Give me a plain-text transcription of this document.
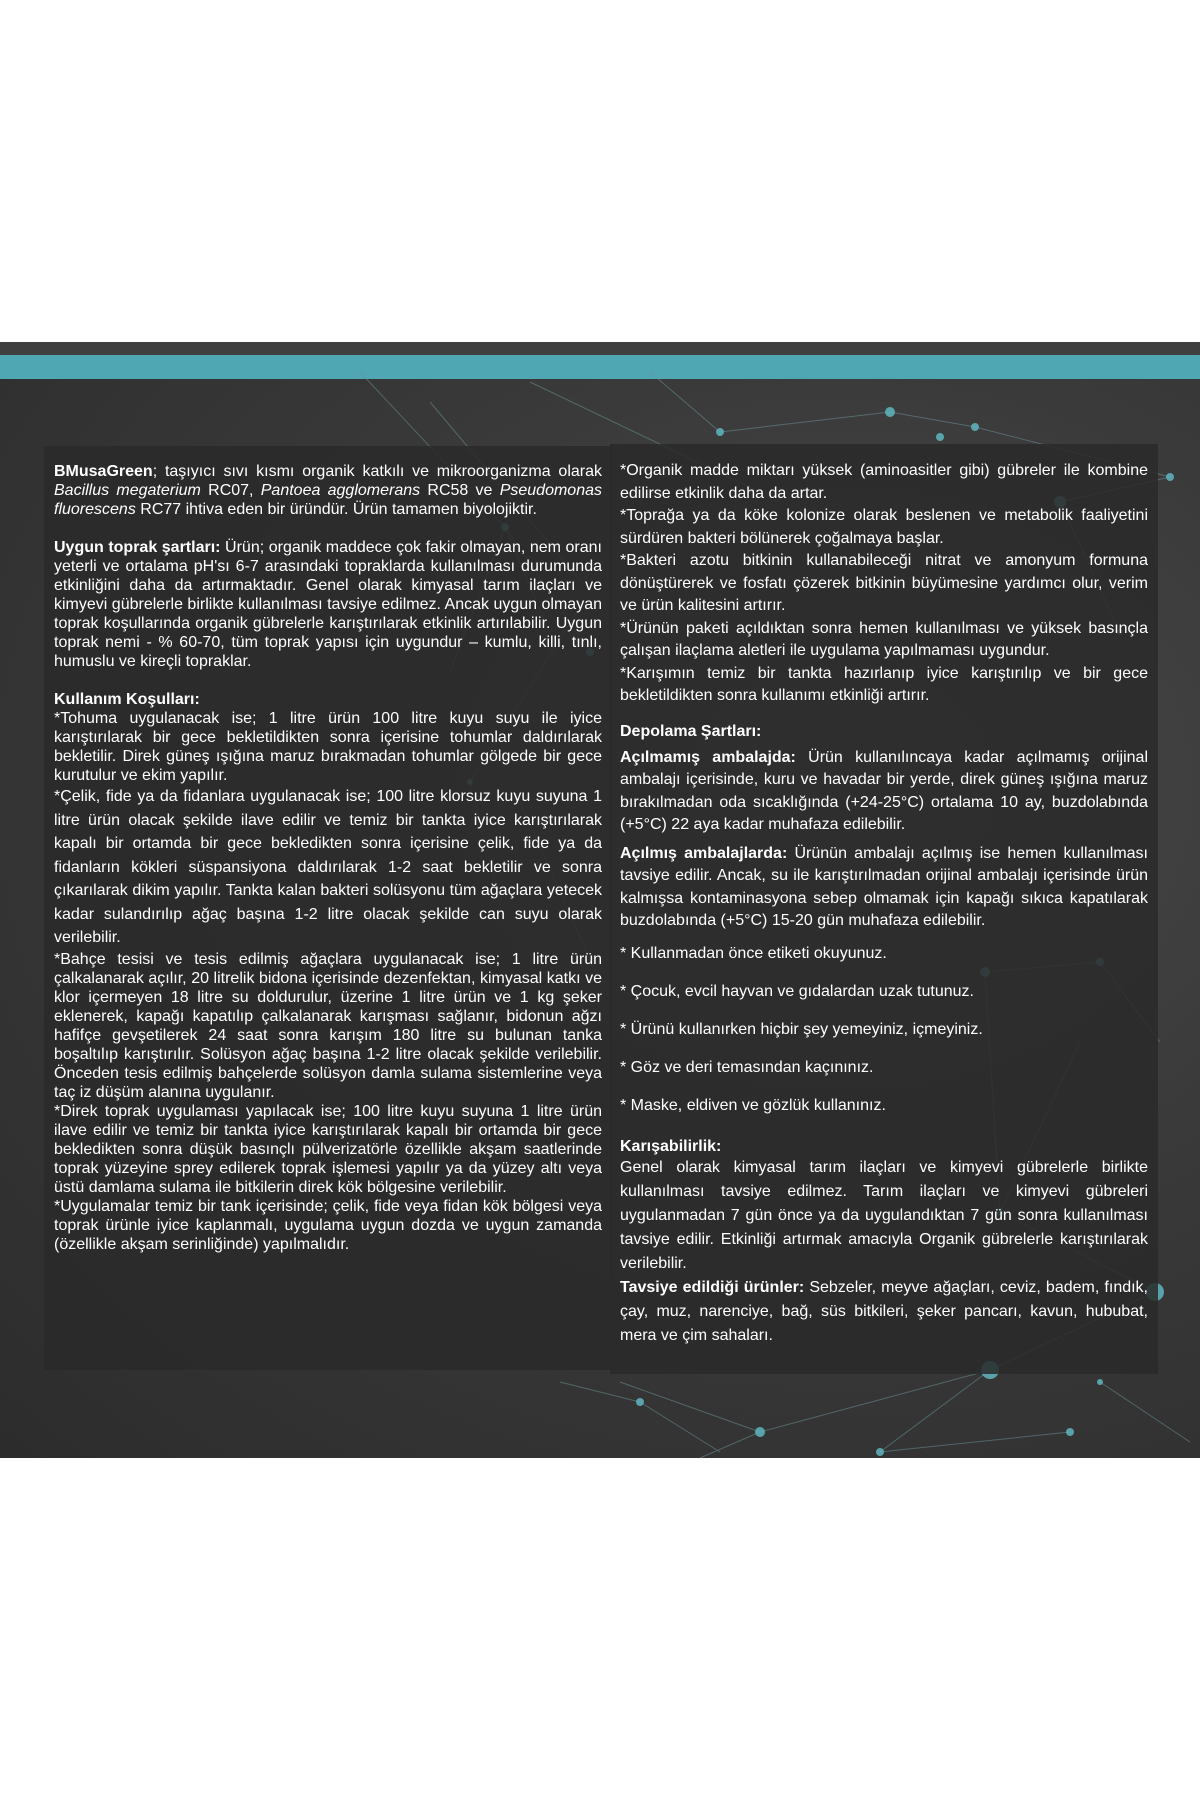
BMusaGreen; taşıyıcı sıvı kısmı organik katkılı ve mikroorganizma olarak Bacillus megaterium RC07, Pantoea agglomerans RC58 ve Pseudomonas fluorescens RC77 ihtiva eden bir üründür. Ürün tamamen biyolojiktir.

Uygun toprak şartları: Ürün; organik maddece çok fakir olmayan, nem oranı yeterli ve ortalama pH'sı 6-7 arasındaki topraklarda kullanılması durumunda etkinliğini daha da artırmaktadır. Genel olarak kimyasal tarım ilaçları ve kimyevi gübrelerle birlikte kullanılması tavsiye edilmez. Ancak uygun olmayan toprak koşullarında organik gübrelerle karıştırılarak etkinlik artırılabilir. Uygun toprak nemi - % 60-70, tüm toprak yapısı için uygundur – kumlu, killi, tınlı, humuslu ve kireçli topraklar.

Kullanım Koşulları:

*Tohuma uygulanacak ise; 1 litre ürün 100 litre kuyu suyu ile iyice karıştırılarak bir gece bekletildikten sonra içerisine tohumlar daldırılarak bekletilir. Direk güneş ışığına maruz bırakmadan tohumlar gölgede bir gece kurutulur ve ekim yapılır.

*Çelik, fide ya da fidanlara uygulanacak ise; 100 litre klorsuz kuyu suyuna 1 litre ürün olacak şekilde ilave edilir ve temiz bir tankta iyice karıştırılarak kapalı bir ortamda bir gece bekledikten sonra içerisine çelik, fide ya da fidanların kökleri süspansiyona daldırılarak 1-2 saat bekletilir ve sonra çıkarılarak dikim yapılır. Tankta kalan bakteri solüsyonu tüm ağaçlara yetecek kadar sulandırılıp ağaç başına 1-2 litre olacak şekilde can suyu olarak verilebilir.

*Bahçe tesisi ve tesis edilmiş ağaçlara uygulanacak ise; 1 litre ürün çalkalanarak açılır, 20 litrelik bidona içerisinde dezenfektan, kimyasal katkı ve klor içermeyen 18 litre su doldurulur, üzerine 1 litre ürün ve 1 kg şeker eklenerek, kapağı kapatılıp çalkalanarak karışması sağlanır, bidonun ağzı hafifçe gevşetilerek 24 saat sonra karışım 180 litre su bulunan tanka boşaltılıp karıştırılır. Solüsyon ağaç başına 1-2 litre olacak şekilde verilebilir. Önceden tesis edilmiş bahçelerde solüsyon damla sulama sistemlerine veya taç iz düşüm alanına uygulanır.

*Direk toprak uygulaması yapılacak ise; 100 litre kuyu suyuna 1 litre ürün ilave edilir ve temiz bir tankta iyice karıştırılarak kapalı bir ortamda bir gece bekledikten sonra düşük basınçlı pülverizatörle özellikle akşam saatlerinde toprak yüzeyine sprey edilerek toprak işlemesi yapılır ya da yüzey altı veya üstü damlama sulama ile bitkilerin direk kök bölgesine verilebilir.

*Uygulamalar temiz bir tank içerisinde; çelik, fide veya fidan kök bölgesi veya toprak ürünle iyice kaplanmalı, uygulama uygun dozda ve uygun zamanda (özellikle akşam serinliğinde) yapılmalıdır.

*Organik madde miktarı yüksek (aminoasitler gibi) gübreler ile kombine edilirse etkinlik daha da artar.

*Toprağa ya da köke kolonize olarak beslenen ve metabolik faaliyetini sürdüren bakteri bölünerek çoğalmaya başlar.

*Bakteri azotu bitkinin kullanabileceği nitrat ve amonyum formuna dönüştürerek ve fosfatı çözerek bitkinin büyümesine yardımcı olur, verim ve ürün kalitesini artırır.

*Ürünün paketi açıldıktan sonra hemen kullanılması ve yüksek basınçla çalışan ilaçlama aletleri ile uygulama yapılmaması uygundur.

*Karışımın temiz bir tankta hazırlanıp iyice karıştırılıp ve bir gece bekletildikten sonra kullanımı etkinliği artırır.

Depolama Şartları:

Açılmamış ambalajda: Ürün kullanılıncaya kadar açılmamış orijinal ambalajı içerisinde, kuru ve havadar bir yerde, direk güneş ışığına maruz bırakılmadan oda sıcaklığında (+24-25°C) ortalama 10 ay, buzdolabında (+5°C) 22 aya kadar muhafaza edilebilir.

Açılmış ambalajlarda: Ürünün ambalajı açılmış ise hemen kullanılması tavsiye edilir. Ancak, su ile karıştırılmadan orijinal ambalajı içerisinde ürün kalmışsa kontaminasyona sebep olmamak için kapağı sıkıca kapatılarak buzdolabında (+5°C) 15-20 gün muhafaza edilebilir.

* Kullanmadan önce etiketi okuyunuz.

* Çocuk, evcil hayvan ve gıdalardan uzak tutunuz.

* Ürünü kullanırken hiçbir şey yemeyiniz, içmeyiniz.

* Göz ve deri temasından kaçınınız.

* Maske, eldiven ve gözlük kullanınız.

Karışabilirlik:

Genel olarak kimyasal tarım ilaçları ve kimyevi gübrelerle birlikte kullanılması tavsiye edilmez. Tarım ilaçları ve kimyevi gübreleri uygulanmadan 7 gün önce ya da uygulandıktan 7 gün sonra kullanılması tavsiye edilir. Etkinliği artırmak amacıyla Organik gübrelerle karıştırılarak verilebilir.

Tavsiye edildiği ürünler: Sebzeler, meyve ağaçları, ceviz, badem, fındık, çay, muz, narenciye, bağ, süs bitkileri, şeker pancarı, kavun, hububat, mera ve çim sahaları.
